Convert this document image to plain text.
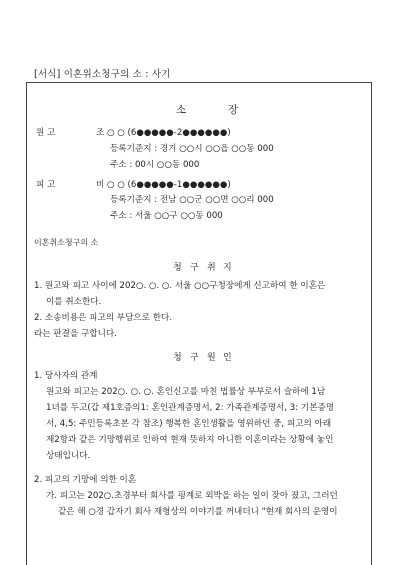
[서식] 이혼위소청구의 소 : 사기
소	장
원 고	조 ○ ○ (6●●●●●-2●●●●●●)
등록기준지 : 경기 ○○시 ○○읍 ○○동 000
주소 : 00시 ○○동 000
피 고	비 ○ ○ (6●●●●●-1●●●●●●)
등록기준지 : 전남 ○○군 ○○면 ○○리 000
주소 : 서울 ○○구 ○○동 000
이혼취소청구의 소
청 구 취 지
1. 원고와 피고 사이에 202○. ○. ○. 서울 ○○구청장에게 신고하여 한 이혼은
이를 취소한다.
2. 소송비용은 피고의 부담으로 한다.
라는 판결을 구합니다.
청 구 원 인
1. 당사자의 관계
원고와 피고는 202○. ○. ○. 혼인신고를 마친 법률상 부부로서 슬하에 1남
1녀를 두고(갑 제1호증의1: 혼인관계증명서, 2: 가족관계증명서, 3: 기본증명
서, 4,5: 주민등록초본 각 참조) 행복한 혼인생활을 영위하던 중, 피고의 아래
제2항과 같은 기망행위로 인하여 현재 뜻하지 아니한 이혼이라는 상황에 놓인
상태입니다.
2. 피고의 기망에 의한 이혼
가. 피고는 202○.초경부터 회사를 핑계로 외박을 하는 일이 잦아 졌고, 그러던
같은 해 ○경 갑자기 회사 재형상의 이야기를 꺼내더니 "현재 회사의 운영이
